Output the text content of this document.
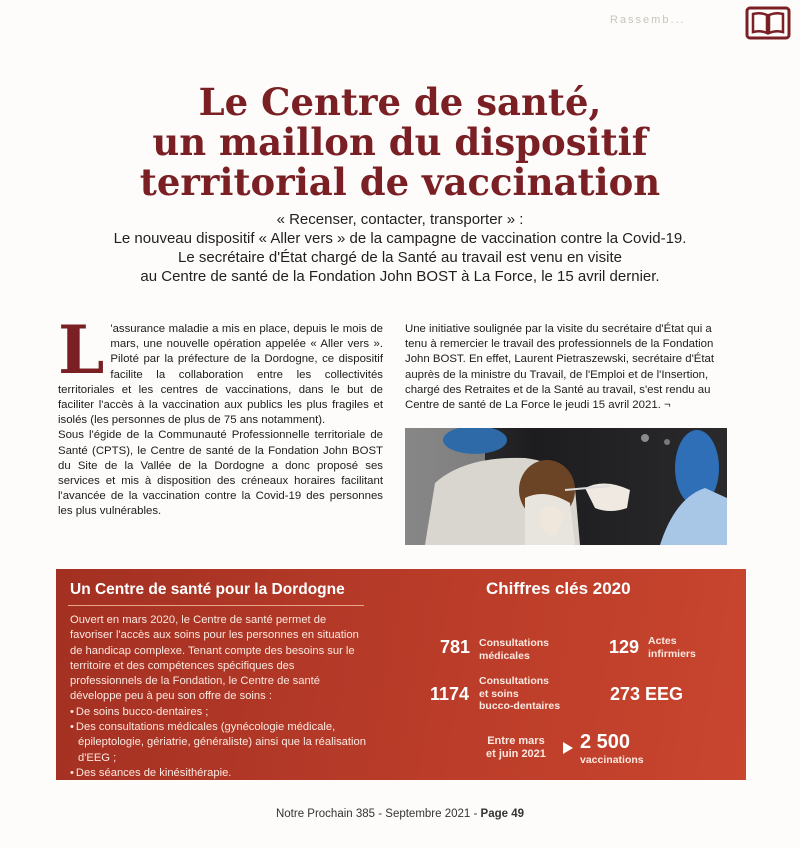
Rassemb...
Le Centre de santé,
un maillon du dispositif
territorial de vaccination
« Recenser, contacter, transporter » :
Le nouveau dispositif « Aller vers » de la campagne de vaccination contre la Covid-19.
Le secrétaire d'État chargé de la Santé au travail est venu en visite
au Centre de santé de la Fondation John BOST à La Force, le 15 avril dernier.
L 'assurance maladie a mis en place, depuis le mois de mars, une nouvelle opération appelée « Aller vers ». Piloté par la préfecture de la Dordogne, ce dispositif facilite la collaboration entre les collectivités territoriales et les centres de vaccinations, dans le but de faciliter l'accès à la vaccination aux publics les plus fragiles et isolés (les personnes de plus de 75 ans notamment).

Sous l'égide de la Communauté Professionnelle territoriale de Santé (CPTS), le Centre de santé de la Fondation John BOST du Site de la Vallée de la Dordogne a donc proposé ses services et mis à disposition des créneaux horaires facilitant l'avancée de la vaccination contre la Covid-19 des personnes les plus vulnérables.

Une initiative soulignée par la visite du secrétaire d'État qui a tenu à remercier le travail des professionnels de la Fondation John BOST. En effet, Laurent Pietraszewski, secrétaire d'État auprès de la ministre du Travail, de l'Emploi et de l'Insertion, chargé des Retraites et de la Santé au travail, s'est rendu au Centre de santé de La Force le jeudi 15 avril 2021. ¬

Un Centre de santé pour la Dordogne
Ouvert en mars 2020, le Centre de santé permet de favoriser l'accès aux soins pour les personnes en situation de handicap complexe. Tenant compte des besoins sur le territoire et des compétences spécifiques des professionnels de la Fondation, le Centre de santé développe peu à peu son offre de soins :
• De soins bucco-dentaires ;
• Des consultations médicales (gynécologie médicale, épileptologie, gériatrie, généraliste) ainsi que la réalisation d'EEG ;
• Des séances de kinésithérapie.
Chiffres clés 2020
781 Consultations
médicales	129 Actes
infirmiers
1174
Consultations
et soins
bucco-dentaires
273 EEG
Entre mars
et juin 2021
2 500
vaccinations
Notre Prochain 385 - Septembre 2021 - Page 49
